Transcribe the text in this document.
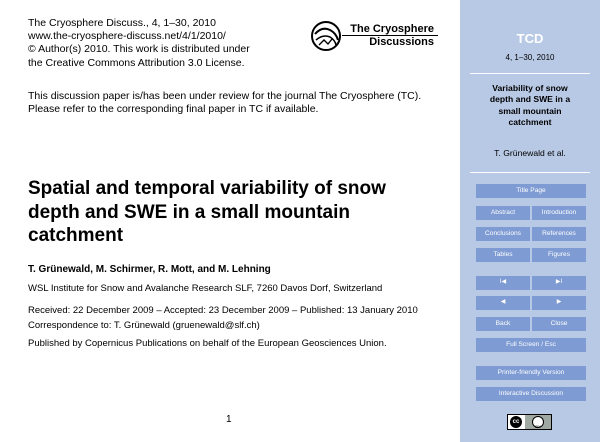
The Cryosphere Discuss., 4, 1–30, 2010
www.the-cryosphere-discuss.net/4/1/2010/
© Author(s) 2010. This work is distributed under
the Creative Commons Attribution 3.0 License.
The Cryosphere
Discussions
This discussion paper is/has been under review for the journal The Cryosphere (TC).
Please refer to the corresponding final paper in TC if available.
Spatial and temporal variability of snow
depth and SWE in a small mountain
catchment
T. Grünewald, M. Schirmer, R. Mott, and M. Lehning
WSL Institute for Snow and Avalanche Research SLF, 7260 Davos Dorf, Switzerland
Received: 22 December 2009 – Accepted: 23 December 2009 – Published: 13 January 2010
Correspondence to: T. Grünewald (gruenewald@slf.ch)
Published by Copernicus Publications on behalf of the European Geosciences Union.
1
TCD
4, 1–30, 2010
Variability of snow
depth and SWE in a
small mountain
catchment
T. Grünewald et al.
Title Page
Abstract	Introduction
Conclusions	References
Tables	Figures
I◀	▶I
◀	▶
Back	Close
Full Screen / Esc
Printer-friendly Version
Interactive Discussion
cc
BY
